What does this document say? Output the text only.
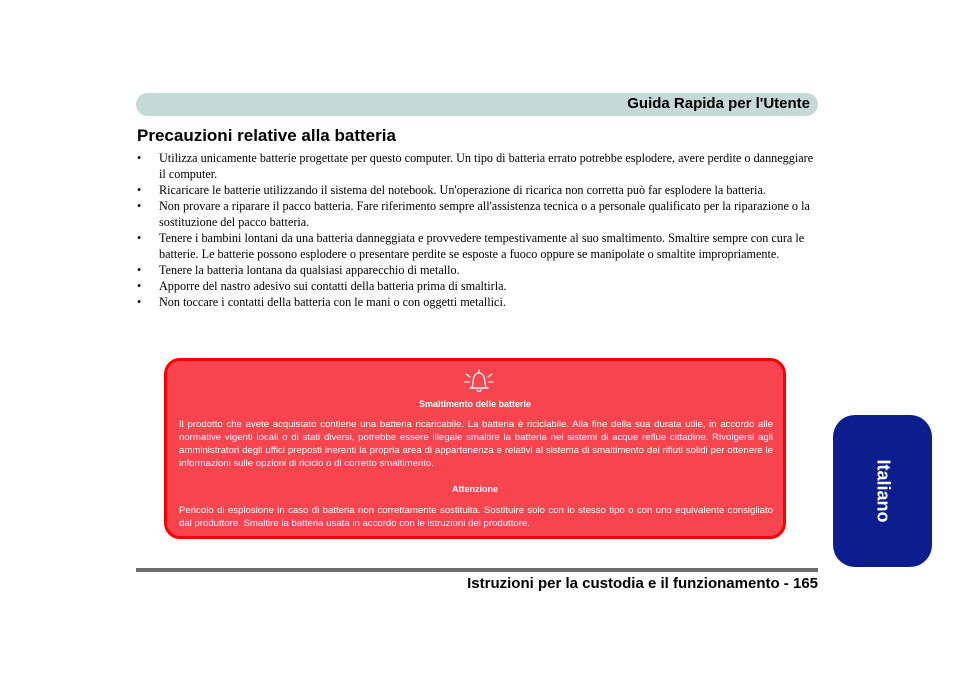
Guida Rapida per l'Utente
Precauzioni relative alla batteria
• Utilizza unicamente batterie progettate per questo computer. Un tipo di batteria errato potrebbe esplodere, avere perdite o danneggiare il computer.
• Ricaricare le batterie utilizzando il sistema del notebook. Un'operazione di ricarica non corretta può far esplodere la batteria.
• Non provare a riparare il pacco batteria. Fare riferimento sempre all'assistenza tecnica o a personale qualificato per la riparazione o la sostituzione del pacco batteria.
• Tenere i bambini lontani da una batteria danneggiata e provvedere tempestivamente al suo smaltimento. Smaltire sempre con cura le batterie. Le batterie possono esplodere o presentare perdite se esposte a fuoco oppure se manipolate o smaltite impropriamente.
• Tenere la batteria lontana da qualsiasi apparecchio di metallo.
• Apporre del nastro adesivo sui contatti della batteria prima di smaltirla.
• Non toccare i contatti della batteria con le mani o con oggetti metallici.
Smaltimento delle batterie

Il prodotto che avete acquistato contiene una batteria ricaricabile. La batteria è riciclabile. Alla fine della sua durata utile, in accordo alle normative vigenti locali o di stati diversi, potrebbe essere illegale smaltire la batteria nei sistemi di acque reflue cittadine. Rivolgersi agli amministratori degli uffici preposti inerenti la propria area di appartenenza e relativi al sistema di smaltimento dei rifiuti solidi per ottenere le informazioni sulle opzioni di riciclo o di corretto smaltimento.

Attenzione

Pericolo di esplosione in caso di batteria non correttamente sostituita. Sostituire solo con lo stesso tipo o con uno equivalente consigliato dal produttore. Smaltire la batteria usata in accordo con le istruzioni del produttore.

Istruzioni per la custodia e il funzionamento - 165
Italiano
